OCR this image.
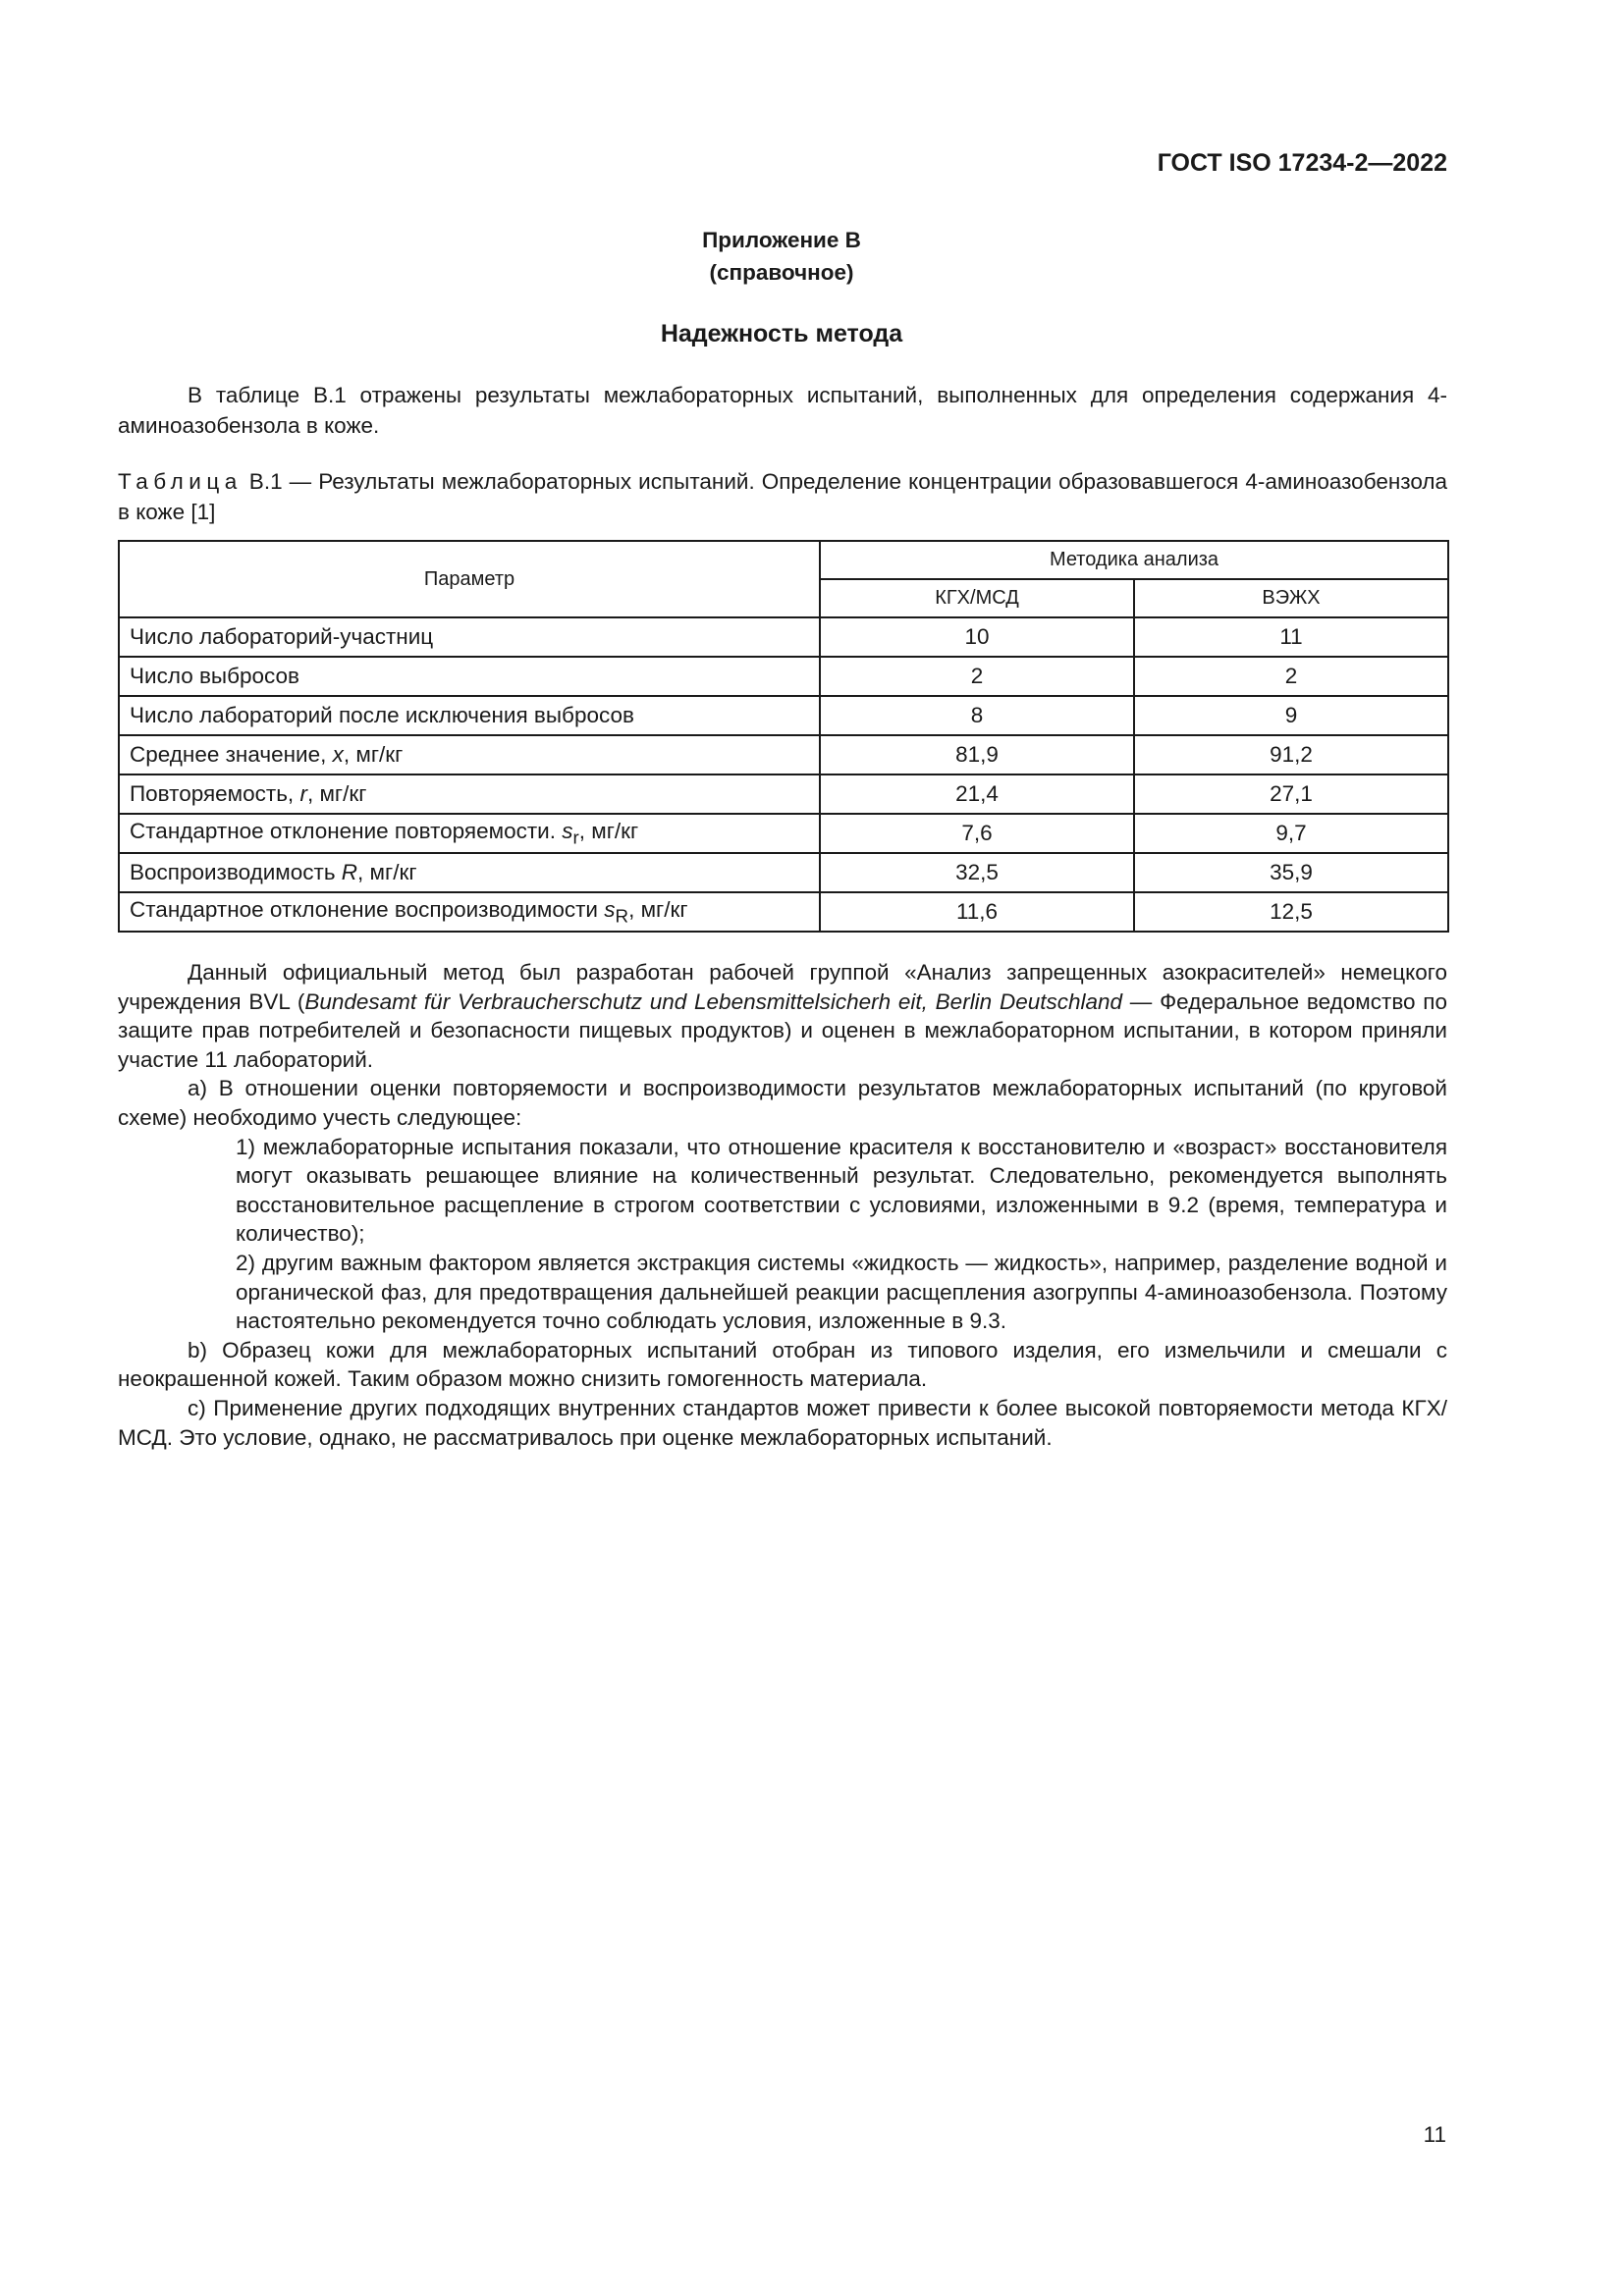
ГОСТ ISO 17234-2—2022
Приложение В
(справочное)
Надежность метода

В таблице В.1 отражены результаты межлабораторных испытаний, выполненных для определения содержания 4-аминоазобензола в коже.

Таблица В.1 — Результаты межлабораторных испытаний. Определение концентрации образовавшегося 4-аминоазобензола в коже [1]

Параметр	Методика анализа	
	КГХ/МСД	ВЭЖХ
Число лабораторий-участниц	10	11
Число выбросов	2	2
Число лабораторий после исключения выбросов	8	9
Среднее значение, x, мг/кг	81,9	91,2
Повторяемость, r, мг/кг	21,4	27,1
Стандартное отклонение повторяемости. $s_r$, мг/кг	7,6	9,7
Воспроизводимость R, мг/кг	32,5	35,9
Стандартное отклонение воспроизводимости $s_R$, мг/кг	11,6	12,5

Данный официальный метод был разработан рабочей группой «Анализ запрещенных азокрасителей» немецкого учреждения BVL (Bundesamt für Verbraucherschutz und Lebensmittelsicherh eit, Berlin Deutschland — Федеральное ведомство по защите прав потребителей и безопасности пищевых продуктов) и оценен в межлабораторном испытании, в котором приняли участие 11 лабораторий.

а) В отношении оценки повторяемости и воспроизводимости результатов межлабораторных испытаний (по круговой схеме) необходимо учесть следующее:

1) межлабораторные испытания показали, что отношение красителя к восстановителю и «возраст» восстановителя могут оказывать решающее влияние на количественный результат. Следовательно, рекомендуется выполнять восстановительное расщепление в строгом соответствии с условиями, изложенными в 9.2 (время, температура и количество);

2) другим важным фактором является экстракция системы «жидкость — жидкость», например, разделение водной и органической фаз, для предотвращения дальнейшей реакции расщепления азогруппы 4-аминоазобензола. Поэтому настоятельно рекомендуется точно соблюдать условия, изложенные в 9.3.

b) Образец кожи для межлабораторных испытаний отобран из типового изделия, его измельчили и смешали с неокрашенной кожей. Таким образом можно снизить гомогенность материала.

с) Применение других подходящих внутренних стандартов может привести к более высокой повторяемости метода КГХ/МСД. Это условие, однако, не рассматривалось при оценке межлабораторных испытаний.

11
